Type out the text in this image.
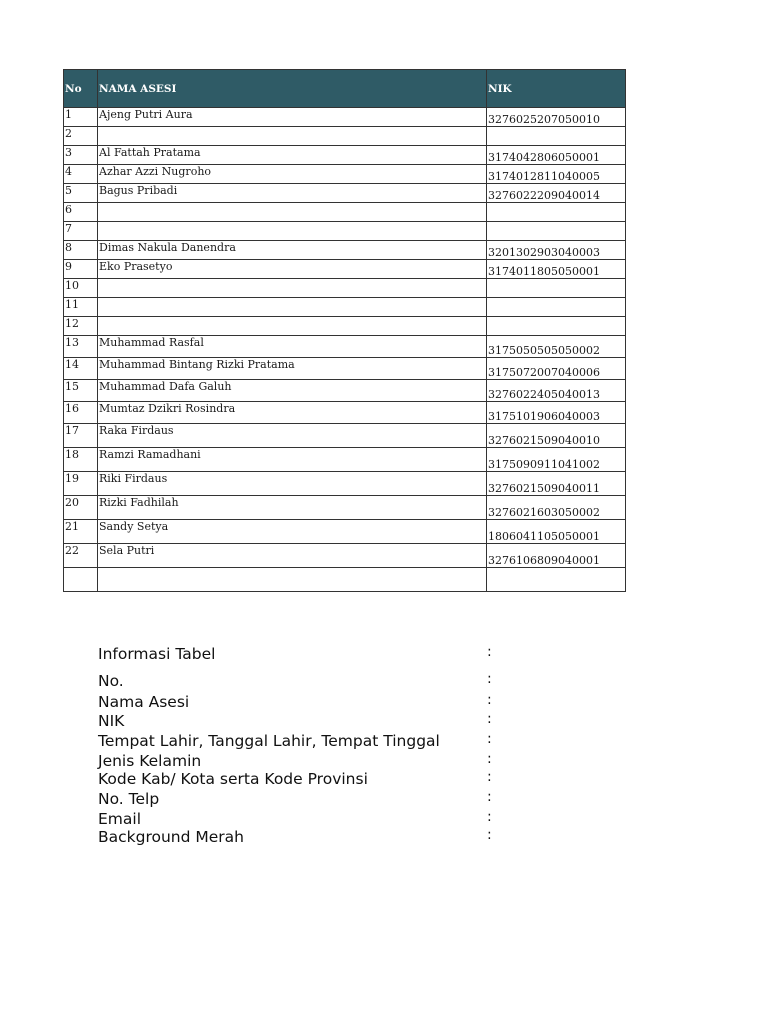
No	NAMA ASESI	NIK
1	Ajeng Putri Aura	3276025207050010
2		
3	Al Fattah Pratama	3174042806050001
4	Azhar Azzi Nugroho	3174012811040005
5	Bagus Pribadi	3276022209040014
6		
7		
8	Dimas Nakula Danendra	3201302903040003
9	Eko Prasetyo	3174011805050001
10		
11		
12		
13	Muhammad Rasfal	3175050505050002
14	Muhammad Bintang Rizki Pratama	3175072007040006
15	Muhammad Dafa Galuh	3276022405040013
16	Mumtaz Dzikri Rosindra	3175101906040003
17	Raka Firdaus	3276021509040010
18	Ramzi Ramadhani	3175090911041002
19	Riki Firdaus	3276021509040011
20	Rizki Fadhilah	3276021603050002
21	Sandy Setya	1806041105050001
22	Sela Putri	3276106809040001

Informasi Tabel	:
No.	:
Nama Asesi	:
NIK	:
Tempat Lahir, Tanggal Lahir, Tempat Tinggal	:
Jenis Kelamin	:
Kode Kab/ Kota serta Kode Provinsi	:
No. Telp	:
Email	:
Background Merah	:
